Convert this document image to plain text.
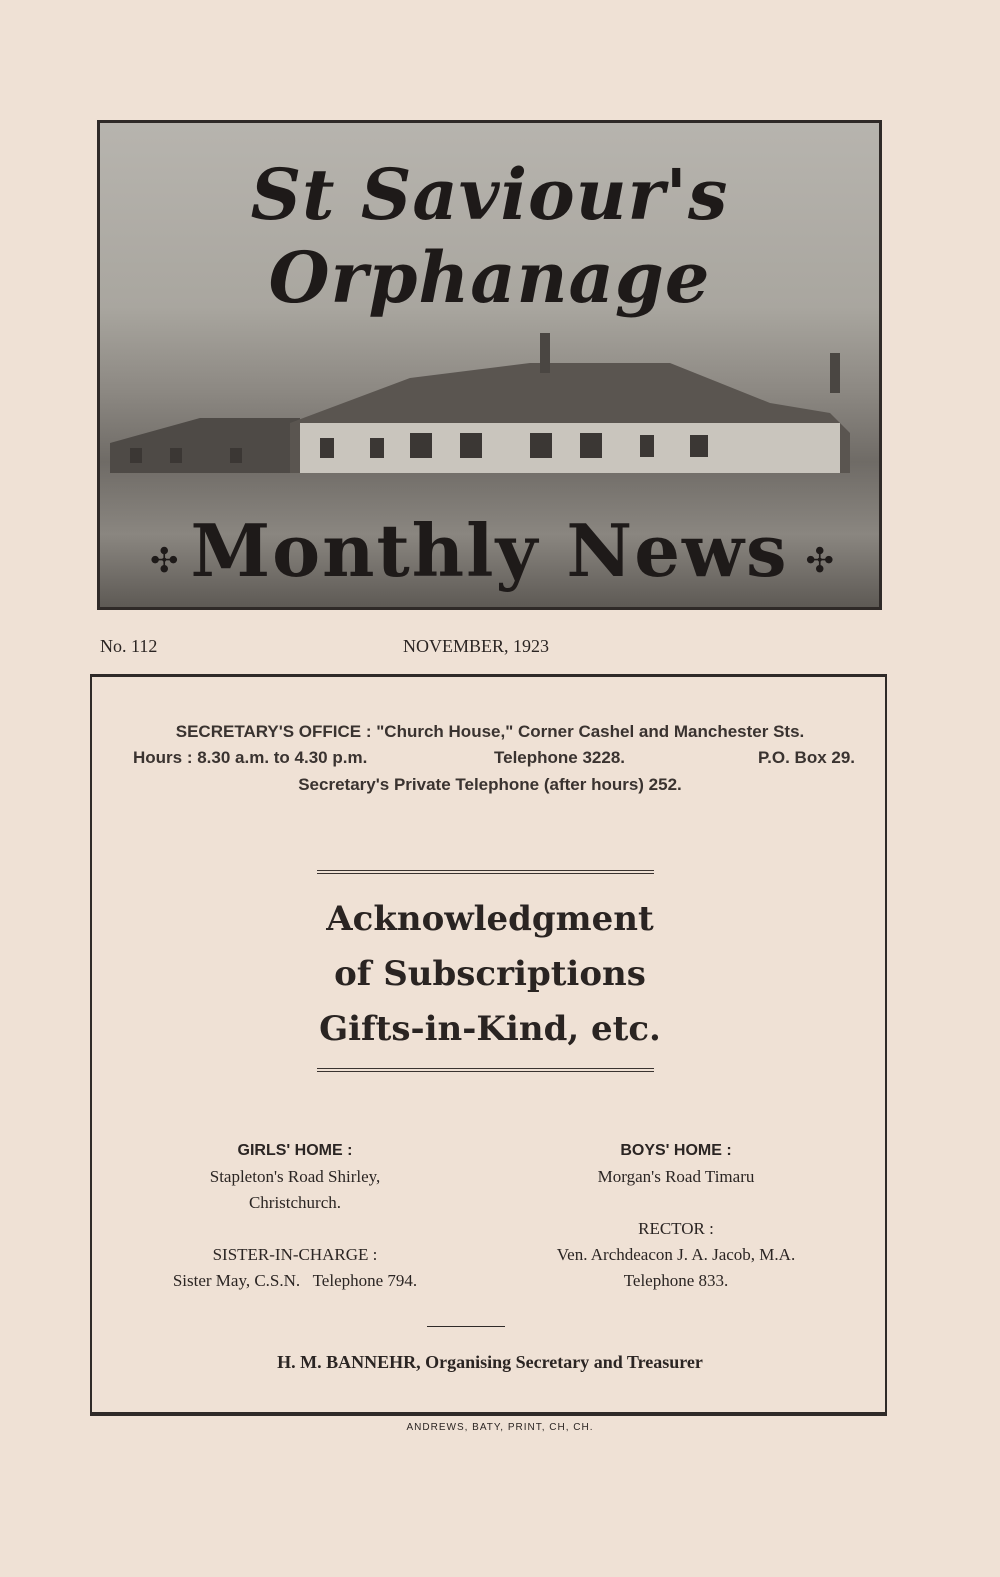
St Saviour's Orphanage
✣ Monthly News ✣
No. 112	NOVEMBER, 1923
SECRETARY'S OFFICE : "Church House," Corner Cashel and Manchester Sts.
Hours : 8.30 a.m. to 4.30 p.m.	Telephone 3228.	P.O. Box 29.
Secretary's Private Telephone (after hours) 252.
Acknowledgment
of Subscriptions
Gifts-in-Kind, etc.
GIRLS' HOME :
Stapleton's Road Shirley,
Christchurch.
SISTER-IN-CHARGE :
Sister May, C.S.N.   Telephone 794.
BOYS' HOME :
Morgan's Road Timaru
RECTOR :
Ven. Archdeacon J. A. Jacob, M.A.
Telephone 833.
H. M. BANNEHR, Organising Secretary and Treasurer
ANDREWS, BATY, PRINT, CH, CH.
